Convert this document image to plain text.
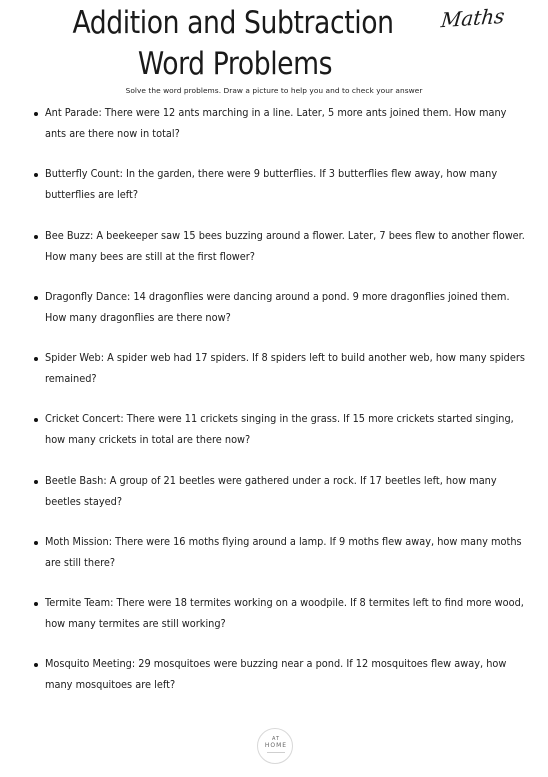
Addition and Subtraction
Word Problems
Maths
Solve the word problems. Draw a picture to help you and to check your answer
Ant Parade: There were 12 ants marching in a line. Later, 5 more ants joined them. How many ants are there now in total?
Butterfly Count: In the garden, there were 9 butterflies. If 3 butterflies flew away, how many butterflies are left?
Bee Buzz: A beekeeper saw 15 bees buzzing around a flower. Later, 7 bees flew to another flower. How many bees are still at the first flower?
Dragonfly Dance: 14 dragonflies were dancing around a pond. 9 more dragonflies joined them. How many dragonflies are there now?
Spider Web: A spider web had 17 spiders. If 8 spiders left to build another web, how many spiders remained?
Cricket Concert: There were 11 crickets singing in the grass. If 15 more crickets started singing, how many crickets in total are there now?
Beetle Bash: A group of 21 beetles were gathered under a rock. If 17 beetles left, how many beetles stayed?
Moth Mission: There were 16 moths flying around a lamp. If 9 moths flew away, how many moths are still there?
Termite Team: There were 18 termites working on a woodpile. If 8 termites left to find more wood, how many termites are still working?
Mosquito Meeting: 29 mosquitoes were buzzing near a pond. If 12 mosquitoes flew away, how many mosquitoes are left?
AT
HOME
